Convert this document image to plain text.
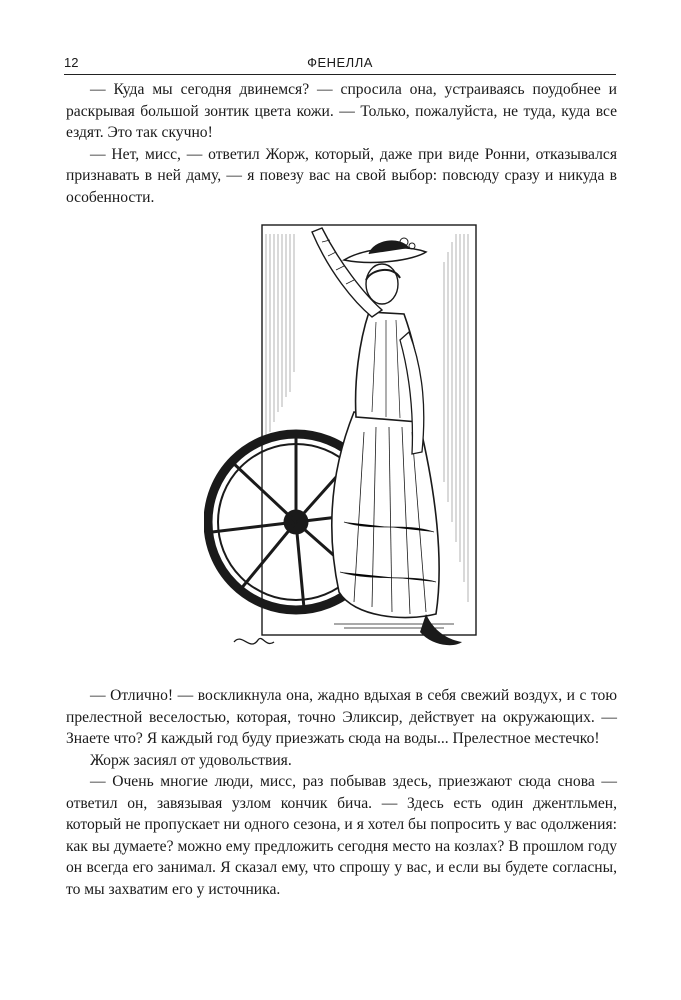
12	ФЕНЕЛЛА

— Куда мы сегодня двинемся? — спросила она, устраиваясь поудобнее и раскрывая большой зонтик цвета кожи. — Только, пожалуйста, не туда, куда все ездят. Это так скучно!

— Нет, мисс, — ответил Жорж, который, даже при виде Ронни, отказывался признавать в ней даму, — я повезу вас на свой выбор: повсюду сразу и никуда в особенности.

— Отлично! — воскликнула она, жадно вдыхая в себя свежий воздух, и с тою прелестной веселостью, которая, точно Эликсир, действует на окружающих. — Знаете что? Я каждый год буду приезжать сюда на воды... Прелестное местечко!

Жорж засиял от удовольствия.

— Очень многие люди, мисс, раз побывав здесь, приезжают сюда снова — ответил он, завязывая узлом кончик бича. — Здесь есть один джентльмен, который не пропускает ни одного сезона, и я хотел бы попросить у вас одолжения: как вы думаете? можно ему предложить сегодня место на козлах? В прошлом году он всегда его занимал. Я сказал ему, что спрошу у вас, и если вы будете согласны, то мы захватим его у источника.
